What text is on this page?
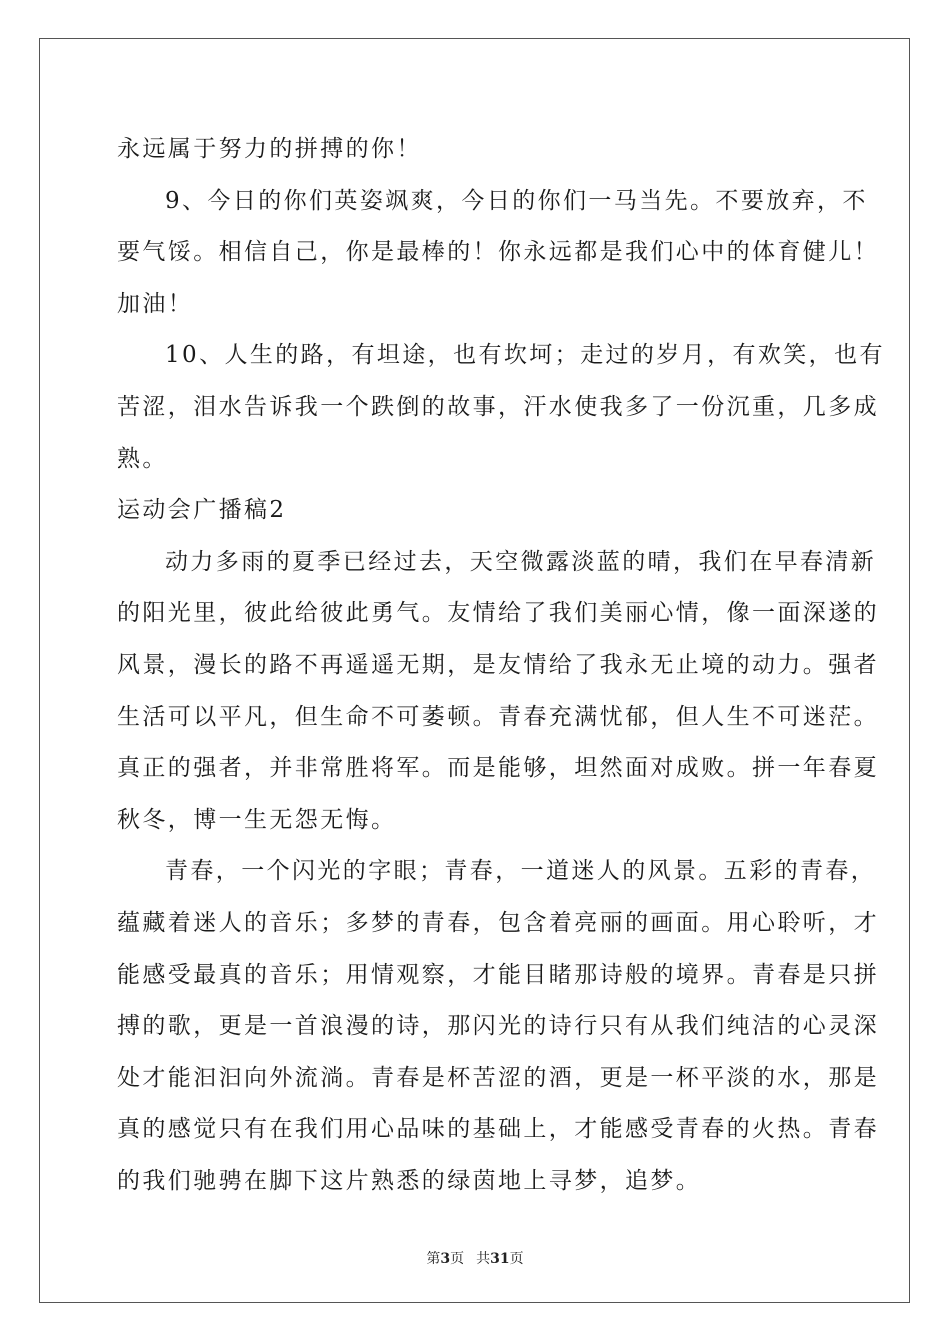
永远属于努力的拼搏的你！
9、今日的你们英姿飒爽，今日的你们一马当先。不要放弃，不
要气馁。相信自己，你是最棒的！你永远都是我们心中的体育健儿！
加油！
10、人生的路，有坦途，也有坎坷；走过的岁月，有欢笑，也有
苦涩，泪水告诉我一个跌倒的故事，汗水使我多了一份沉重，几多成
熟。
运动会广播稿2
动力多雨的夏季已经过去，天空微露淡蓝的晴，我们在早春清新
的阳光里，彼此给彼此勇气。友情给了我们美丽心情，像一面深遂的
风景，漫长的路不再遥遥无期，是友情给了我永无止境的动力。强者
生活可以平凡，但生命不可萎顿。青春充满忧郁，但人生不可迷茫。
真正的强者，并非常胜将军。而是能够，坦然面对成败。拼一年春夏
秋冬，博一生无怨无悔。
青春，一个闪光的字眼；青春，一道迷人的风景。五彩的青春，
蕴藏着迷人的音乐；多梦的青春，包含着亮丽的画面。用心聆听，才
能感受最真的音乐；用情观察，才能目睹那诗般的境界。青春是只拼
搏的歌，更是一首浪漫的诗，那闪光的诗行只有从我们纯洁的心灵深
处才能汩汩向外流淌。青春是杯苦涩的酒，更是一杯平淡的水，那是
真的感觉只有在我们用心品味的基础上，才能感受青春的火热。青春
的我们驰骋在脚下这片熟悉的绿茵地上寻梦，追梦。
第3页 共31页
